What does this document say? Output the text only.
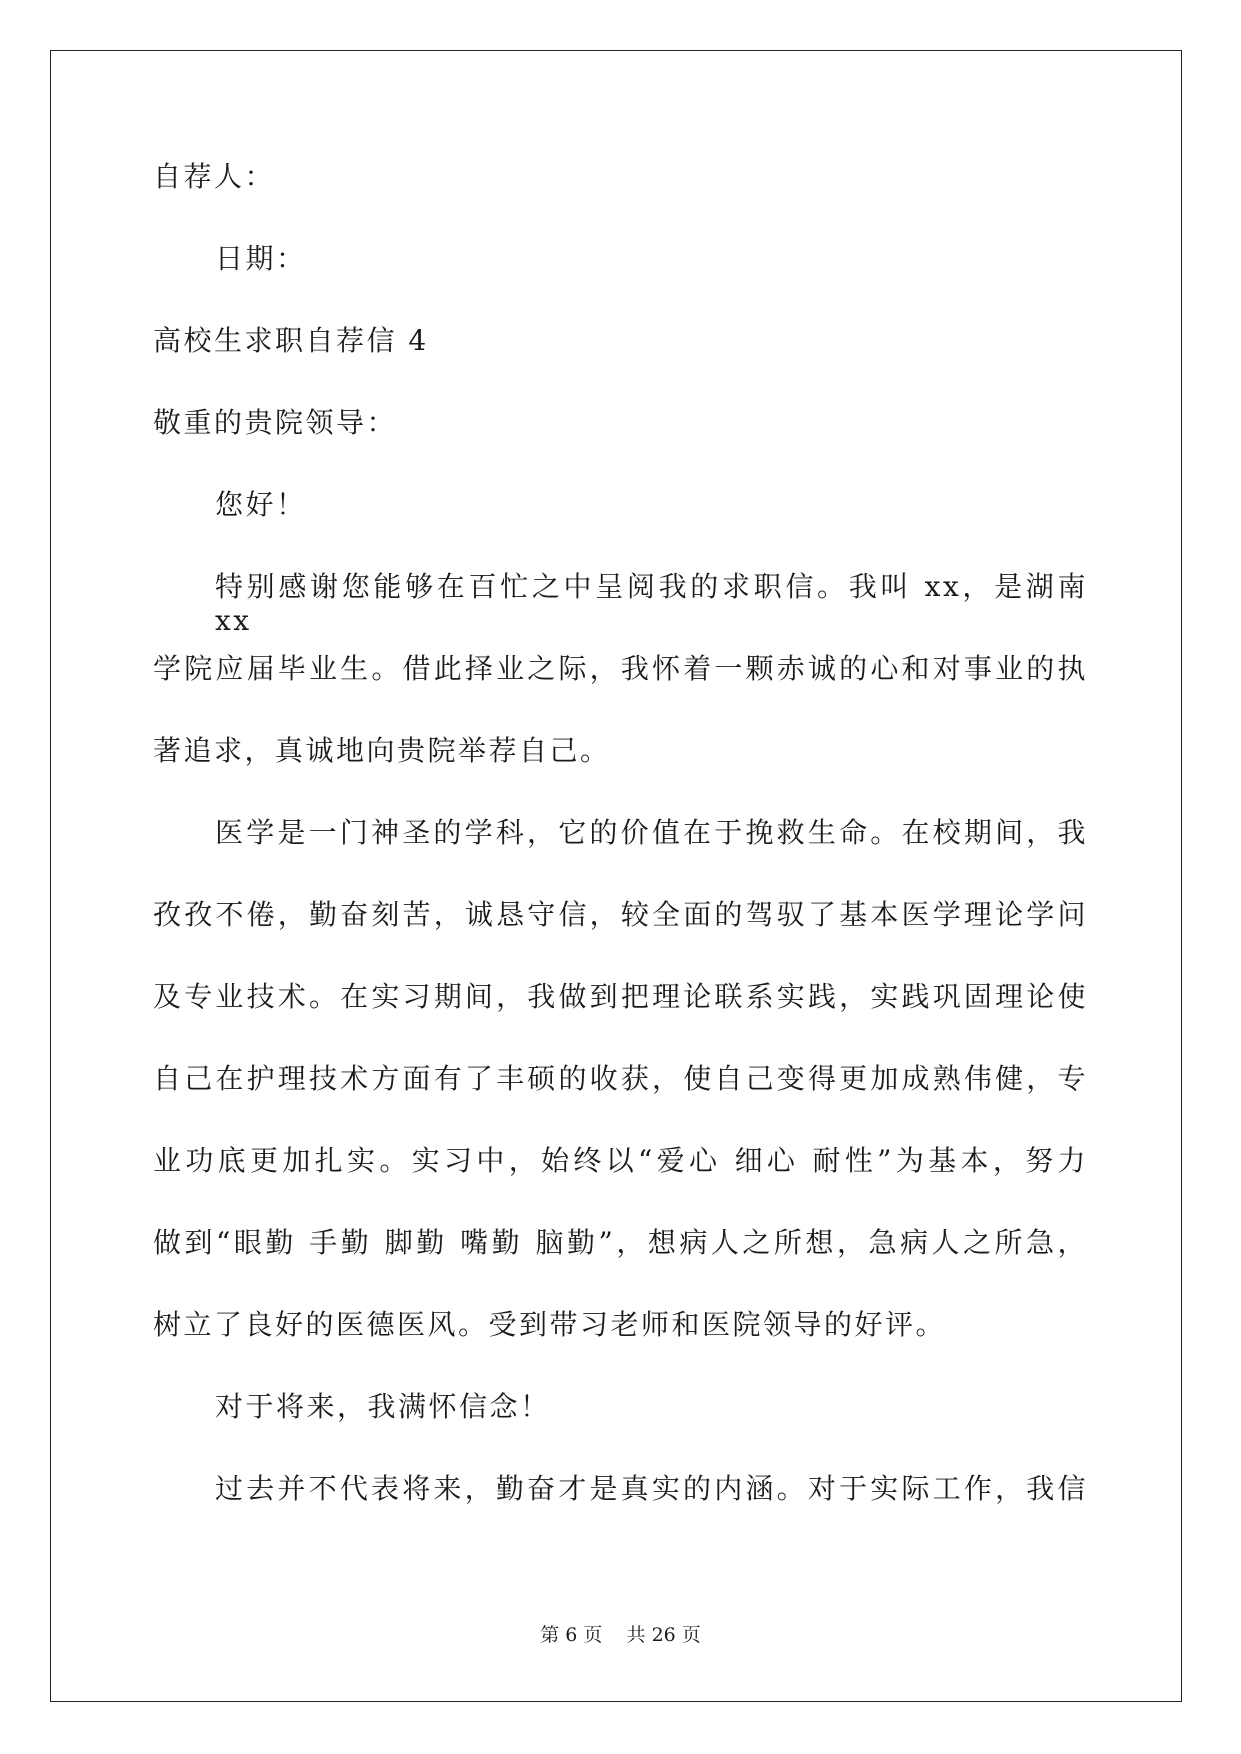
自荐人：
日期：
高校生求职自荐信 4
敬重的贵院领导：
您好！
特别感谢您能够在百忙之中呈阅我的求职信。我叫 xx，是湖南 xx
学院应届毕业生。借此择业之际，我怀着一颗赤诚的心和对事业的执
著追求，真诚地向贵院举荐自己。
医学是一门神圣的学科，它的价值在于挽救生命。在校期间，我
孜孜不倦，勤奋刻苦，诚恳守信，较全面的驾驭了基本医学理论学问
及专业技术。在实习期间，我做到把理论联系实践，实践巩固理论使
自己在护理技术方面有了丰硕的收获，使自己变得更加成熟伟健，专
业功底更加扎实。实习中，始终以“爱心 细心 耐性”为基本，努力
做到“眼勤 手勤 脚勤 嘴勤 脑勤”，想病人之所想，急病人之所急，
树立了良好的医德医风。受到带习老师和医院领导的好评。
对于将来，我满怀信念！
过去并不代表将来，勤奋才是真实的内涵。对于实际工作，我信
第 6 页 共 26 页
